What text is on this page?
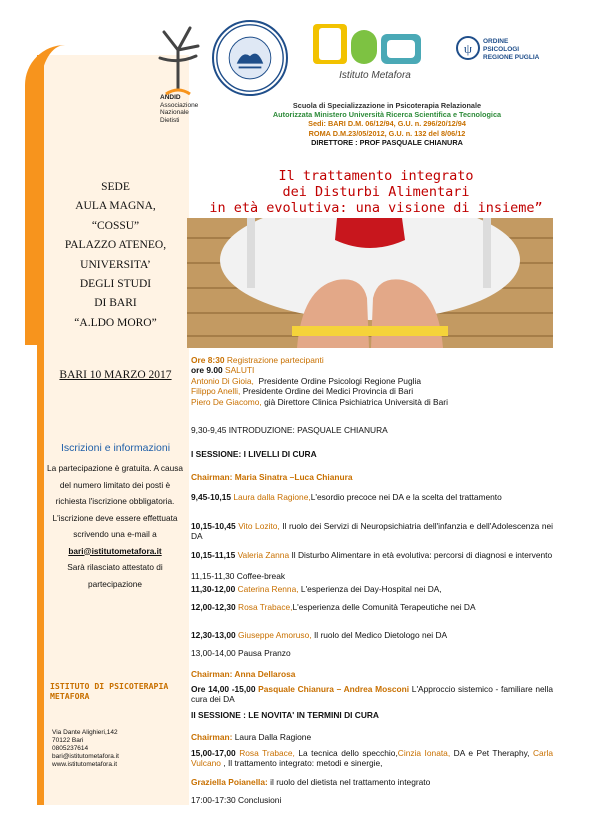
ANDID
Associazione
Nazionale
Dietisti
Istituto Metafora
ψ ORDINE PSICOLOGI REGIONE PUGLIA
Scuola di Specializzazione in Psicoterapia Relazionale
Autorizzata Ministero Università Ricerca Scientifica e Tecnologica
Sedi: BARI D.M. 06/12/94, G.U. n. 296/20/12/94
ROMA D.M.23/05/2012, G.U. n. 132 del 8/06/12
DIRETTORE : PROF PASQUALE CHIANURA
Il trattamento integrato
dei Disturbi Alimentari
in età evolutiva: una visione di insieme”
SEDE
AULA MAGNA,
“COSSU”
PALAZZO ATENEO,
UNIVERSITA’
DEGLI STUDI
DI BARI
“A.LDO MORO”
BARI 10 MARZO 2017
Iscrizioni e informazioni
La partecipazione è gratuita. A causa del numero limitato dei posti è richiesta l'iscrizione obbligatoria. L'iscrizione deve essere effettuata scrivendo una e-mail a
bari@istitutometafora.it
Sarà rilasciato attestato di partecipazione
ISTITUTO DI PSICOTERAPIA METAFORA
Via Dante Alighieri,142
70122 Bari
0805237614
bari@istitutometafora.it
www.istitutometafora.it
Ore 8:30 Registrazione partecipanti
ore 9.00 SALUTI
Antonio Di Gioia, Presidente Ordine Psicologi Regione Puglia
Filippo Anelli, Presidente Ordine dei Medici Provincia di Bari
Piero De Giacomo, già Direttore Clinica Psichiatrica Università di Bari
9,30-9,45 INTRODUZIONE: PASQUALE CHIANURA
I SESSIONE: I LIVELLI DI CURA
Chairman: Maria Sinatra –Luca Chianura
9,45-10,15 Laura dalla Ragione,L'esordio precoce nei DA e la scelta del trattamento
10,15-10,45 Vito Lozito, Il ruolo dei Servizi di Neuropsichiatria dell'infanzia e dell'Adolescenza nei DA
10,15-11,15 Valeria Zanna Il Disturbo Alimentare in età evolutiva: percorsi di diagnosi e intervento
11,15-11,30 Coffee-break
11,30-12,00 Caterina Renna, L'esperienza dei Day-Hospital nei DA,
12,00-12,30 Rosa Trabace,L'esperienza delle Comunità Terapeutiche nei DA
12,30-13,00 Giuseppe Amoruso, Il ruolo del Medico Dietologo nei DA
13,00-14,00 Pausa Pranzo
Chairman: Anna Dellarosa
Ore 14,00 -15,00 Pasquale Chianura – Andrea Mosconi L'Approccio sistemico - familiare nella cura dei DA
II SESSIONE : LE NOVITA' IN TERMINI DI CURA
Chairman: Laura Dalla Ragione
15,00-17,00 Rosa Trabace, La tecnica dello specchio,Cinzia Ionata, DA e Pet Theraphy, Carla Vulcano , Il trattamento integrato: metodi e sinergie,
Graziella Poianella: il ruolo del dietista nel trattamento integrato
17:00-17:30 Conclusioni
